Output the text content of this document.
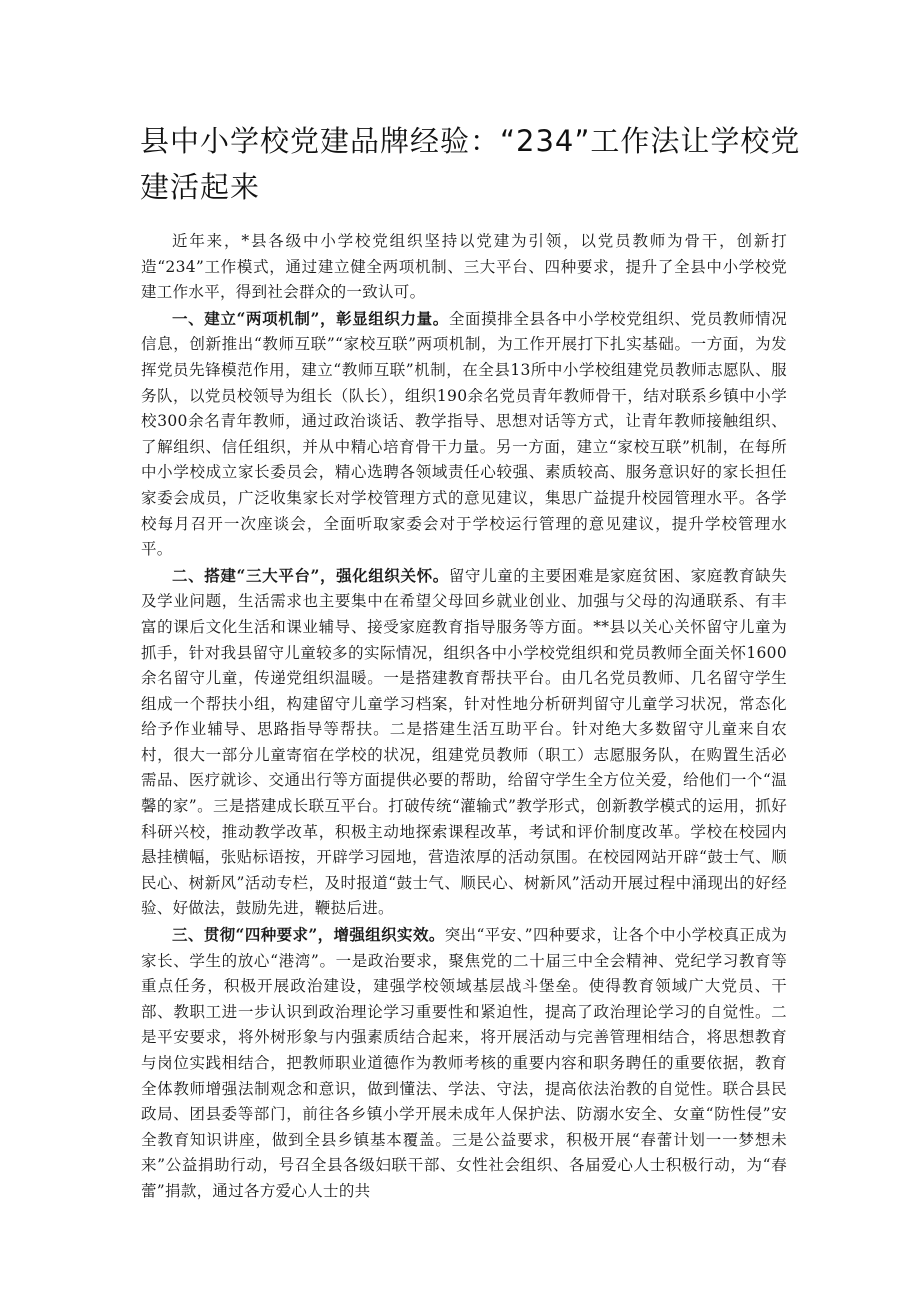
县中小学校党建品牌经验：“234”工作法让学校党
建活起来

近年来，*县各级中小学校党组织坚持以党建为引领，以党员教师为骨干，创新打造“234”工作模式，通过建立健全两项机制、三大平台、四种要求，提升了全县中小学校党建工作水平，得到社会群众的一致认可。

一、建立“两项机制”，彰显组织力量。全面摸排全县各中小学校党组织、党员教师情况信息，创新推出“教师互联”“家校互联”两项机制，为工作开展打下扎实基础。一方面，为发挥党员先锋模范作用，建立“教师互联”机制，在全县13所中小学校组建党员教师志愿队、服务队，以党员校领导为组长（队长），组织190余名党员青年教师骨干，结对联系乡镇中小学校300余名青年教师，通过政治谈话、教学指导、思想对话等方式，让青年教师接触组织、了解组织、信任组织，并从中精心培育骨干力量。另一方面，建立“家校互联”机制，在每所中小学校成立家长委员会，精心选聘各领域责任心较强、素质较高、服务意识好的家长担任家委会成员，广泛收集家长对学校管理方式的意见建议，集思广益提升校园管理水平。各学校每月召开一次座谈会，全面听取家委会对于学校运行管理的意见建议，提升学校管理水平。

二、搭建“三大平台”，强化组织关怀。留守儿童的主要困难是家庭贫困、家庭教育缺失及学业问题，生活需求也主要集中在希望父母回乡就业创业、加强与父母的沟通联系、有丰富的课后文化生活和课业辅导、接受家庭教育指导服务等方面。**县以关心关怀留守儿童为抓手，针对我县留守儿童较多的实际情况，组织各中小学校党组织和党员教师全面关怀1600余名留守儿童，传递党组织温暖。一是搭建教育帮扶平台。由几名党员教师、几名留守学生组成一个帮扶小组，构建留守儿童学习档案，针对性地分析研判留守儿童学习状况，常态化给予作业辅导、思路指导等帮扶。二是搭建生活互助平台。针对绝大多数留守儿童来自农村，很大一部分儿童寄宿在学校的状况，组建党员教师（职工）志愿服务队，在购置生活必需品、医疗就诊、交通出行等方面提供必要的帮助，给留守学生全方位关爱，给他们一个“温馨的家”。三是搭建成长联互平台。打破传统“灌输式”教学形式，创新教学模式的运用，抓好科研兴校，推动教学改革，积极主动地探索课程改革，考试和评价制度改革。学校在校园内悬挂横幅，张贴标语按，开辟学习园地，营造浓厚的活动氛围。在校园网站开辟“鼓士气、顺民心、树新风”活动专栏，及时报道“鼓士气、顺民心、树新风”活动开展过程中涌现出的好经验、好做法，鼓励先进，鞭挞后进。

三、贯彻“四种要求”，增强组织实效。突出“平安、”四种要求，让各个中小学校真正成为家长、学生的放心“港湾”。一是政治要求，聚焦党的二十届三中全会精神、党纪学习教育等重点任务，积极开展政治建设，建强学校领域基层战斗堡垒。使得教育领域广大党员、干部、教职工进一步认识到政治理论学习重要性和紧迫性，提高了政治理论学习的自觉性。二是平安要求，将外树形象与内强素质结合起来，将开展活动与完善管理相结合，将思想教育与岗位实践相结合，把教师职业道德作为教师考核的重要内容和职务聘任的重要依据，教育全体教师增强法制观念和意识，做到懂法、学法、守法，提高依法治教的自觉性。联合县民政局、团县委等部门，前往各乡镇小学开展未成年人保护法、防溺水安全、女童“防性侵”安全教育知识讲座，做到全县乡镇基本覆盖。三是公益要求，积极开展“春蕾计划一一梦想未来”公益捐助行动，号召全县各级妇联干部、女性社会组织、各届爱心人士积极行动，为“春蕾”捐款，通过各方爱心人士的共
